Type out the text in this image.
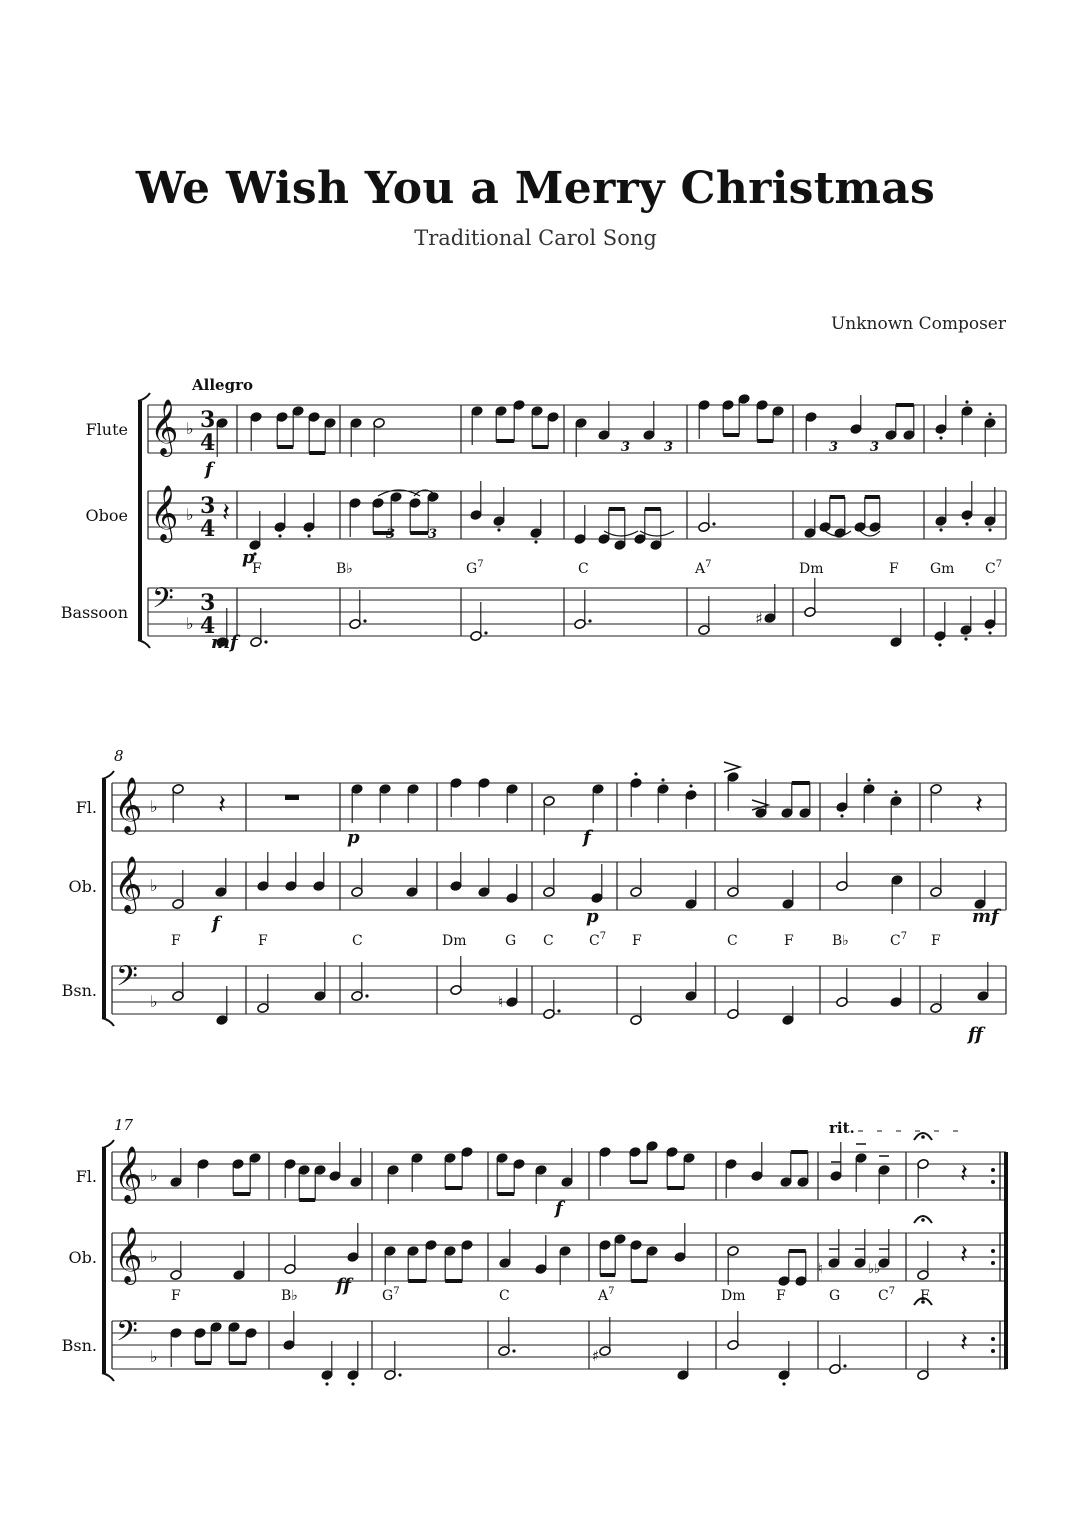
We Wish You a Merry Christmas
Traditional Carol Song
Unknown Composer
Flute
Oboe
Bassoon
𝄞 ♭
𝄞 ♭
𝄢
♭
3
4
3
4
3
4
Fl.
Ob.
Bsn.
𝄞 ♭
𝄞 ♭
𝄢
♭
8
Fl.
Ob.
Bsn.
𝄞 ♭
𝄞 ♭
𝄢
♭
17
Allegro
rit.
𝄽
♯
𝄽	𝄽
♮
𝄽
♮	♭♭	𝄽
♯	𝄽
f
p
mf
p	f
f	p	mf
ff
f
ff
3	3
3	3	3 3
F	B♭	$G^7$	C	$A^7$	Dm	F Gm $C^7$
F	F	C	Dm	G C	$C^7$ F	C	F	B♭	$C^7$ F
F	B♭	$G^7$	C	$A^7$	Dm F	G	$C^7$ F
